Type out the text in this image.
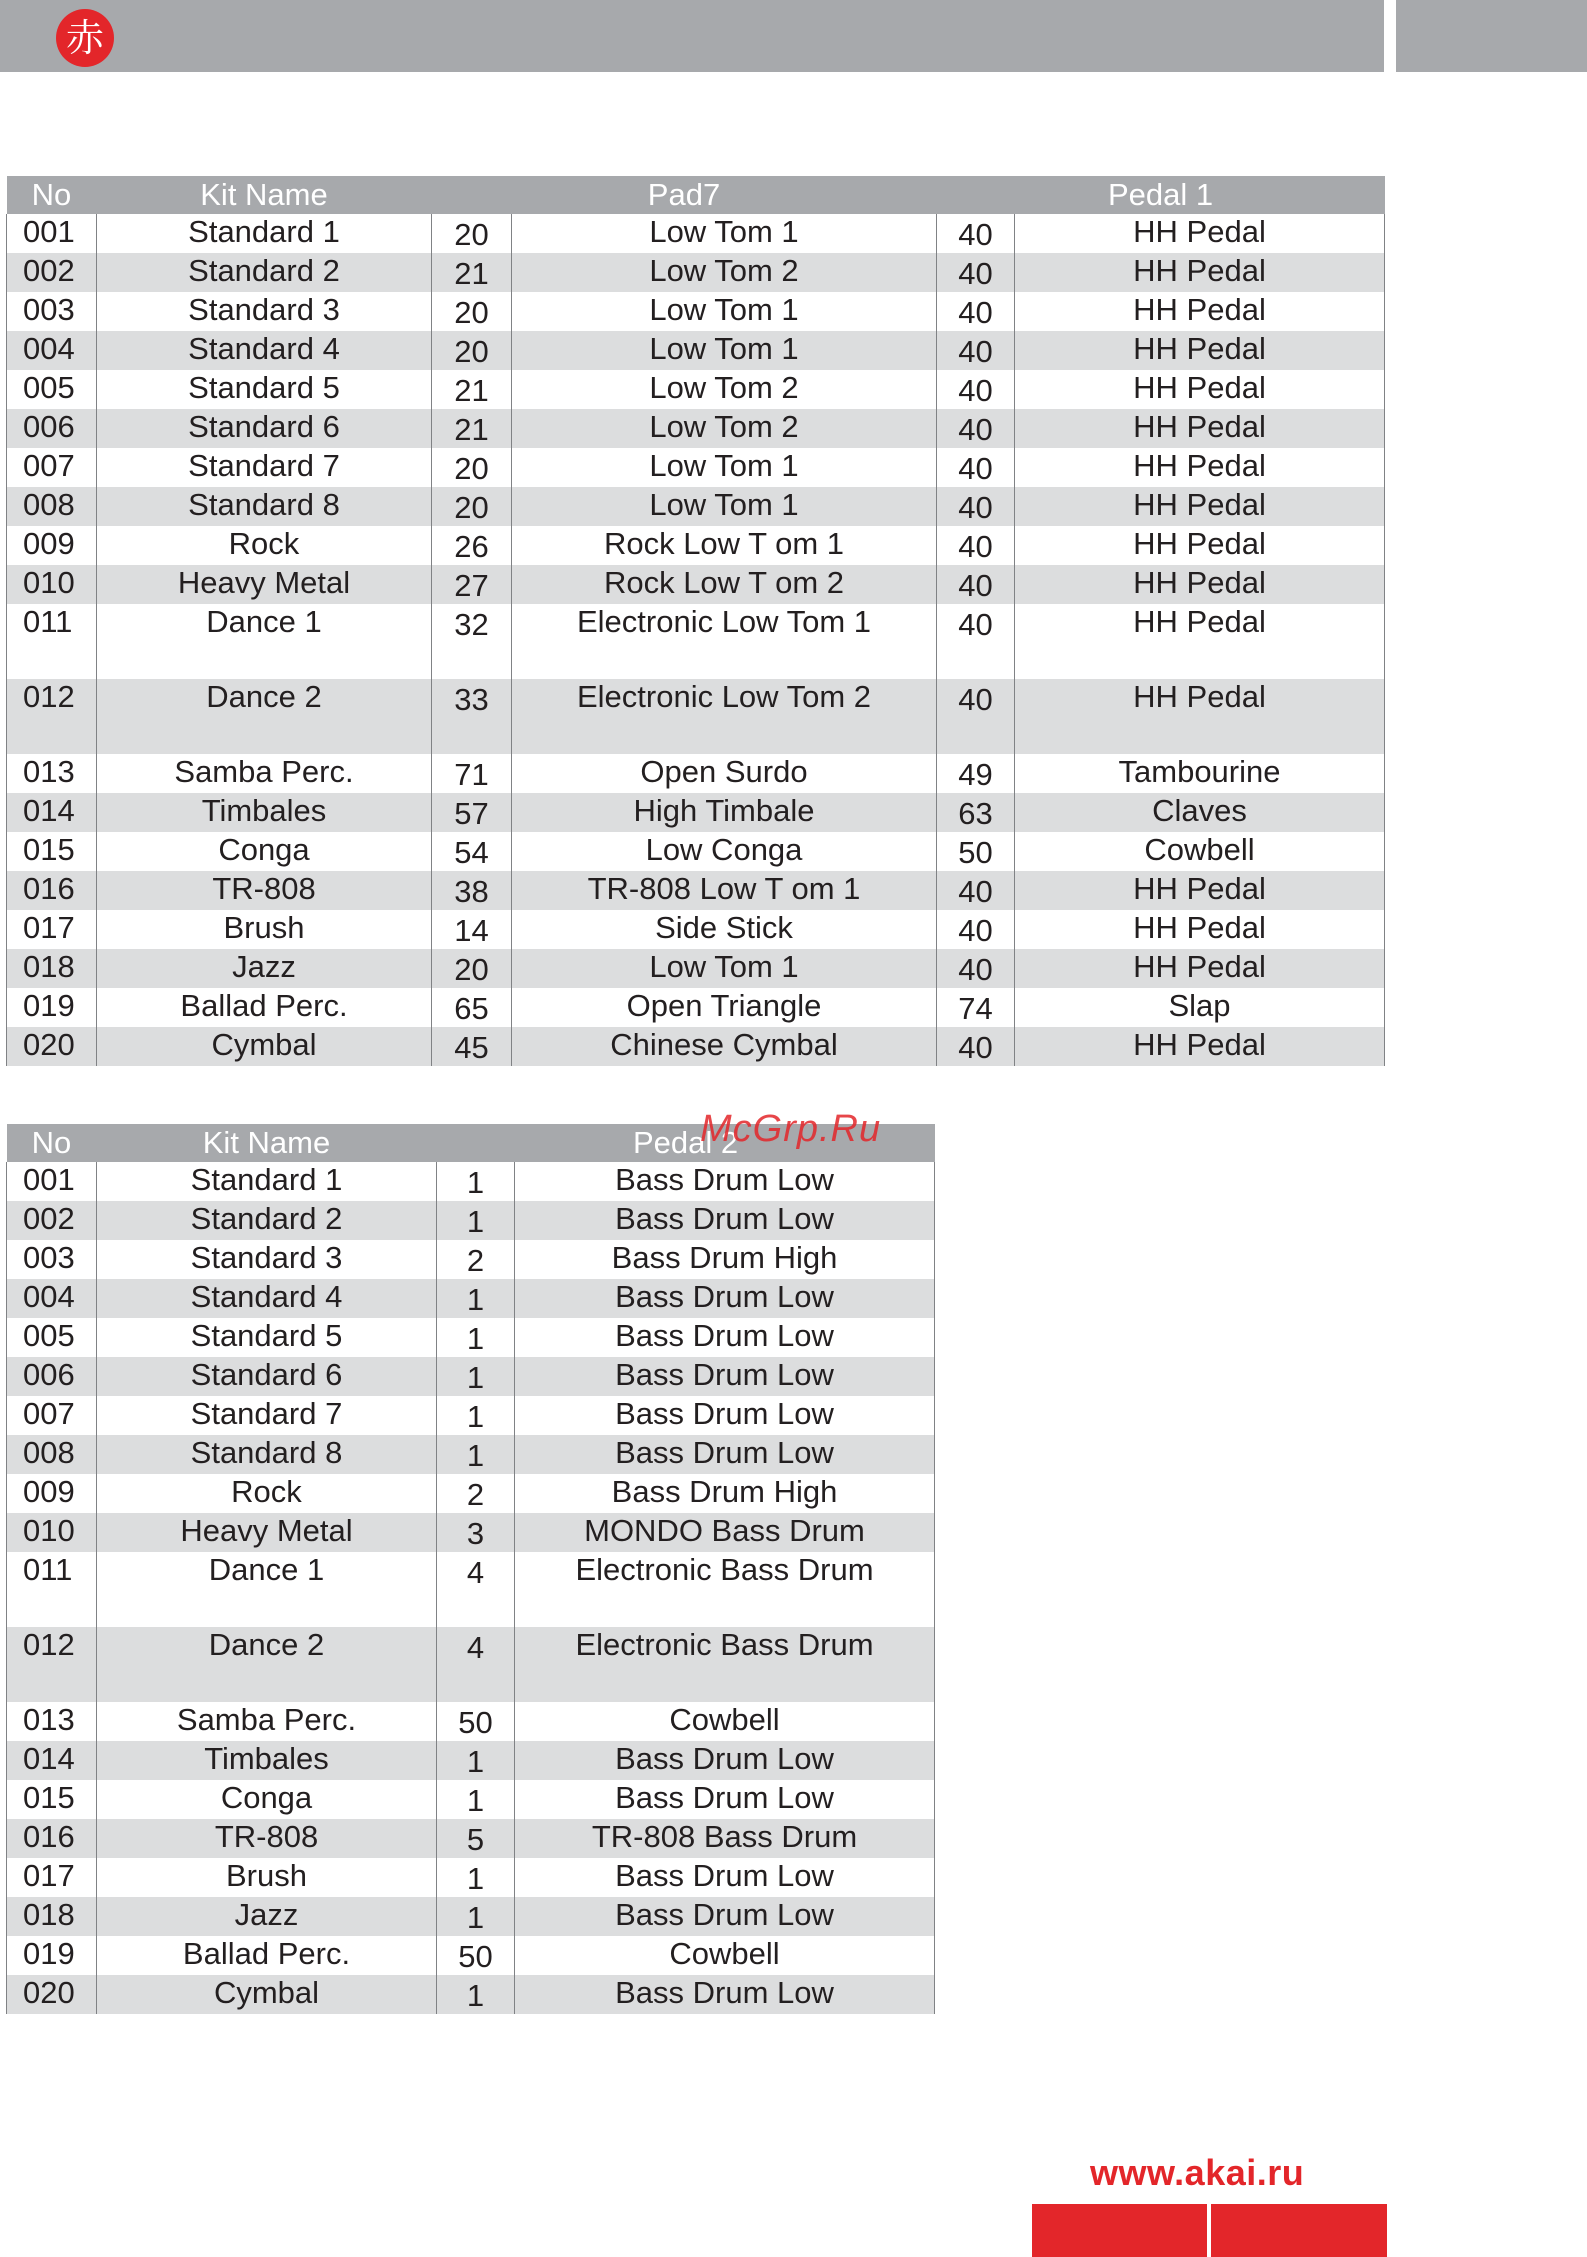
赤
No	Kit Name	Pad7		Pedal 1	
001	Standard 1	20	Low Tom 1	40	HH Pedal
002	Standard 2	21	Low Tom 2	40	HH Pedal
003	Standard 3	20	Low Tom 1	40	HH Pedal
004	Standard 4	20	Low Tom 1	40	HH Pedal
005	Standard 5	21	Low Tom 2	40	HH Pedal
006	Standard 6	21	Low Tom 2	40	HH Pedal
007	Standard 7	20	Low Tom 1	40	HH Pedal
008	Standard 8	20	Low Tom 1	40	HH Pedal
009	Rock	26	Rock Low T om 1	40	HH Pedal
010	Heavy Metal	27	Rock Low T om 2	40	HH Pedal
011	Dance 1	32	Electronic Low Tom 1	40	HH Pedal
012	Dance 2	33	Electronic Low Tom 2	40	HH Pedal
013	Samba Perc.	71	Open Surdo	49	Tambourine
014	Timbales	57	High Timbale	63	Claves
015	Conga	54	Low Conga	50	Cowbell
016	TR-808	38	TR-808 Low T om 1	40	HH Pedal
017	Brush	14	Side Stick	40	HH Pedal
018	Jazz	20	Low Tom 1	40	HH Pedal
019	Ballad Perc.	65	Open Triangle	74	Slap
020	Cymbal	45	Chinese Cymbal	40	HH Pedal
No	Kit Name	Pedal 2	
001	Standard 1	1	Bass Drum Low
002	Standard 2	1	Bass Drum Low
003	Standard 3	2	Bass Drum High
004	Standard 4	1	Bass Drum Low
005	Standard 5	1	Bass Drum Low
006	Standard 6	1	Bass Drum Low
007	Standard 7	1	Bass Drum Low
008	Standard 8	1	Bass Drum Low
009	Rock	2	Bass Drum High
010	Heavy Metal	3	MONDO Bass Drum
011	Dance 1	4	Electronic Bass Drum
012	Dance 2	4	Electronic Bass Drum
013	Samba Perc.	50	Cowbell
014	Timbales	1	Bass Drum Low
015	Conga	1	Bass Drum Low
016	TR-808	5	TR-808 Bass Drum
017	Brush	1	Bass Drum Low
018	Jazz	1	Bass Drum Low
019	Ballad Perc.	50	Cowbell
020	Cymbal	1	Bass Drum Low
McGrp.Ru
www.akai.ru
